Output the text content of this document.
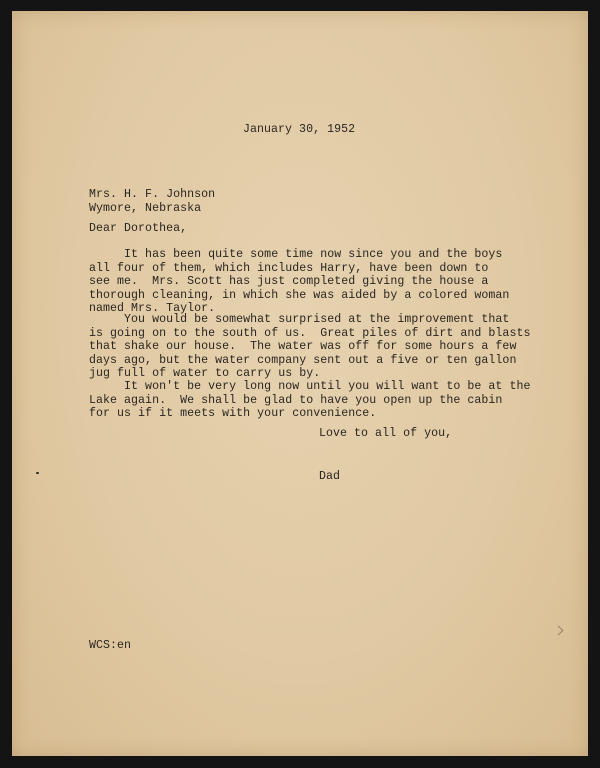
January 30, 1952

Mrs. H. F. Johnson
Wymore, Nebraska

Dear Dorothea,

It has been quite some time now since you and the boys
all four of them, which includes Harry, have been down to
see me.  Mrs. Scott has just completed giving the house a
thorough cleaning, in which she was aided by a colored woman
named Mrs. Taylor.

You would be somewhat surprised at the improvement that
is going on to the south of us.  Great piles of dirt and blasts
that shake our house.  The water was off for some hours a few
days ago, but the water company sent out a five or ten gallon
jug full of water to carry us by.

It won't be very long now until you will want to be at the
Lake again.  We shall be glad to have you open up the cabin
for us if it meets with your convenience.

Love to all of you,

Dad

WCS:en
